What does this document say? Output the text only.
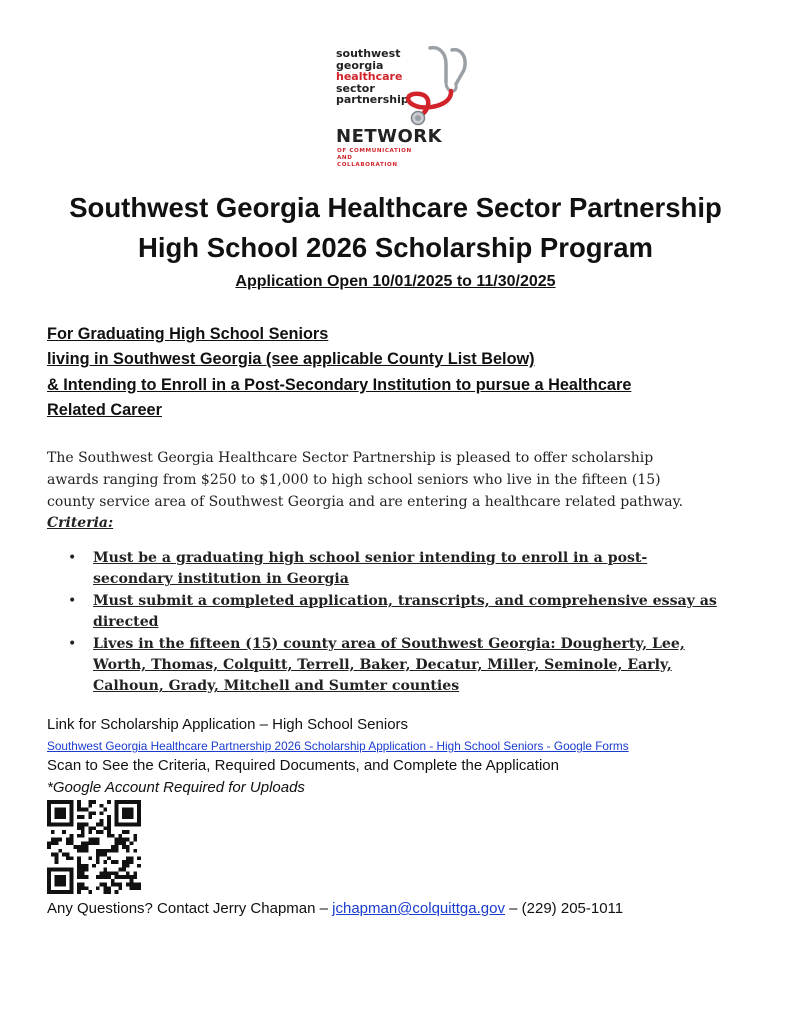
southwest
georgia
healthcare
sector
partnership
NETWORK
OF COMMUNICATION
AND
COLLABORATION
Southwest Georgia Healthcare Sector Partnership
High School 2026 Scholarship Program
Application Open 10/01/2025 to 11/30/2025
For Graduating High School Seniors
living in Southwest Georgia (see applicable County List Below)
& Intending to Enroll in a Post-Secondary Institution to pursue a Healthcare
Related Career
The Southwest Georgia Healthcare Sector Partnership is pleased to offer scholarship
awards ranging from $250 to $1,000 to high school seniors who live in the fifteen (15)
county service area of Southwest Georgia and are entering a healthcare related pathway.
Criteria:
• Must be a graduating high school senior intending to enroll in a post-
secondary institution in Georgia
• Must submit a completed application, transcripts, and comprehensive essay as
directed
• Lives in the fifteen (15) county area of Southwest Georgia: Dougherty, Lee,
Worth, Thomas, Colquitt, Terrell, Baker, Decatur, Miller, Seminole, Early,
Calhoun, Grady, Mitchell and Sumter counties
Link for Scholarship Application – High School Seniors
Southwest Georgia Healthcare Partnership 2026 Scholarship Application - High School Seniors - Google Forms
Scan to See the Criteria, Required Documents, and Complete the Application
*Google Account Required for Uploads
Any Questions? Contact Jerry Chapman – jchapman@colquittga.gov – (229) 205-1011
